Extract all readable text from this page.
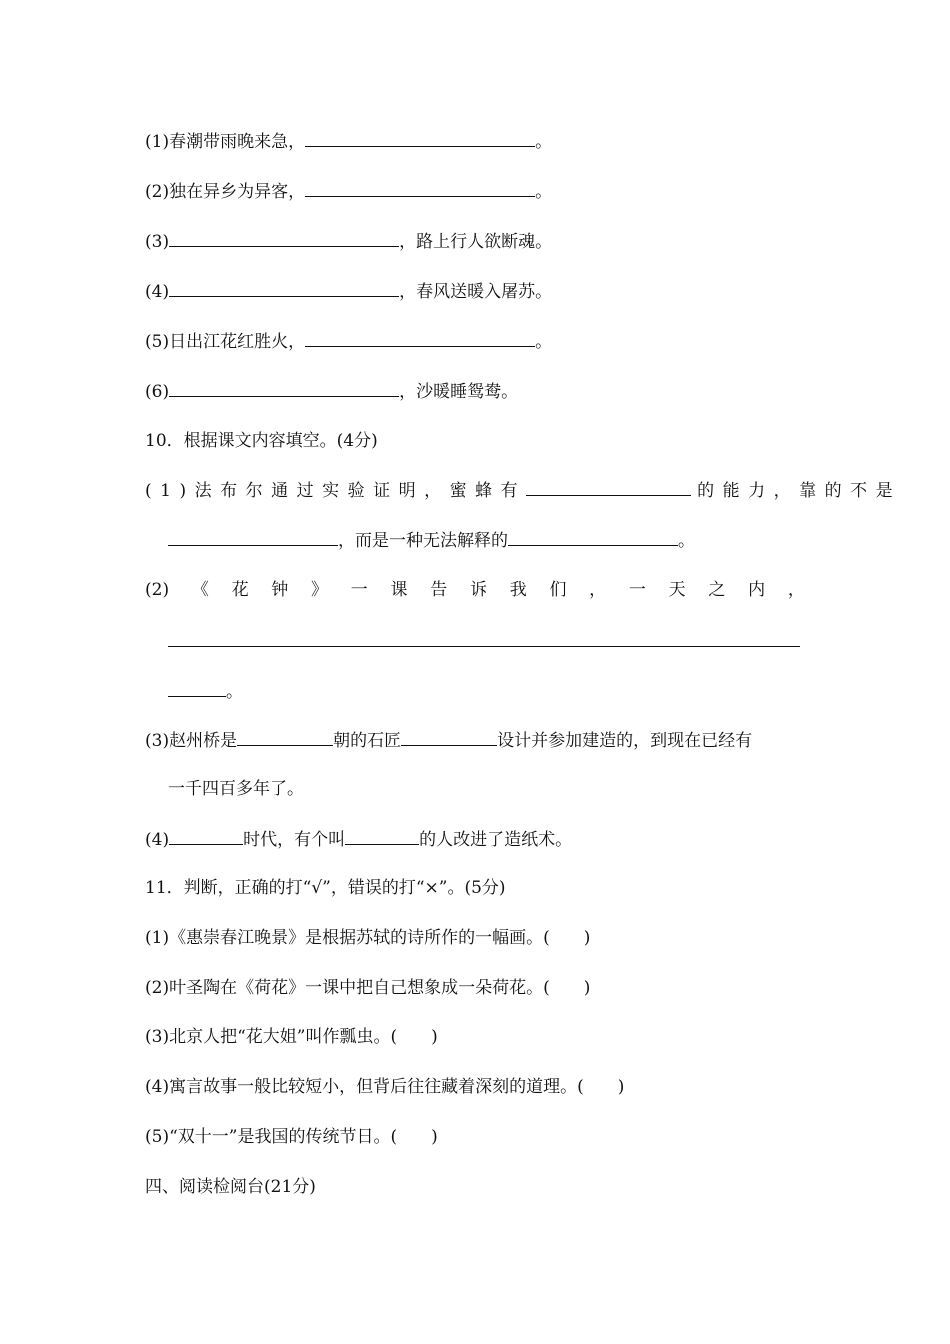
(1)春潮带雨晚来急，	。
(2)独在异乡为异客，	。
(3)	，路上行人欲断魂。
(4)	，春风送暖入屠苏。
(5)日出江花红胜火，	。
(6)	，沙暖睡鸳鸯。
10．根据课文内容填空。(4分)
(1)法布尔通过实验证明，蜜蜂有	的能力，靠的不是
，而是一种无法解释的	。
(2) 《 花 钟 》 一 课 告 诉 我 们 ， 一 天 之 内 ，
。
(3)赵州桥是	朝的石匠	设计并参加建造的，到现在已经有
一千四百多年了。
(4)	时代，有个叫	的人改进了造纸术。
11．判断，正确的打“√”，错误的打“×”。(5分)
(1)《惠崇春江晚景》是根据苏轼的诗所作的一幅画。(　　)
(2)叶圣陶在《荷花》一课中把自己想象成一朵荷花。(　　)
(3)北京人把“花大姐”叫作瓢虫。(　　)
(4)寓言故事一般比较短小，但背后往往藏着深刻的道理。(　　)
(5)“双十一”是我国的传统节日。(　　)
四、阅读检阅台(21分)
